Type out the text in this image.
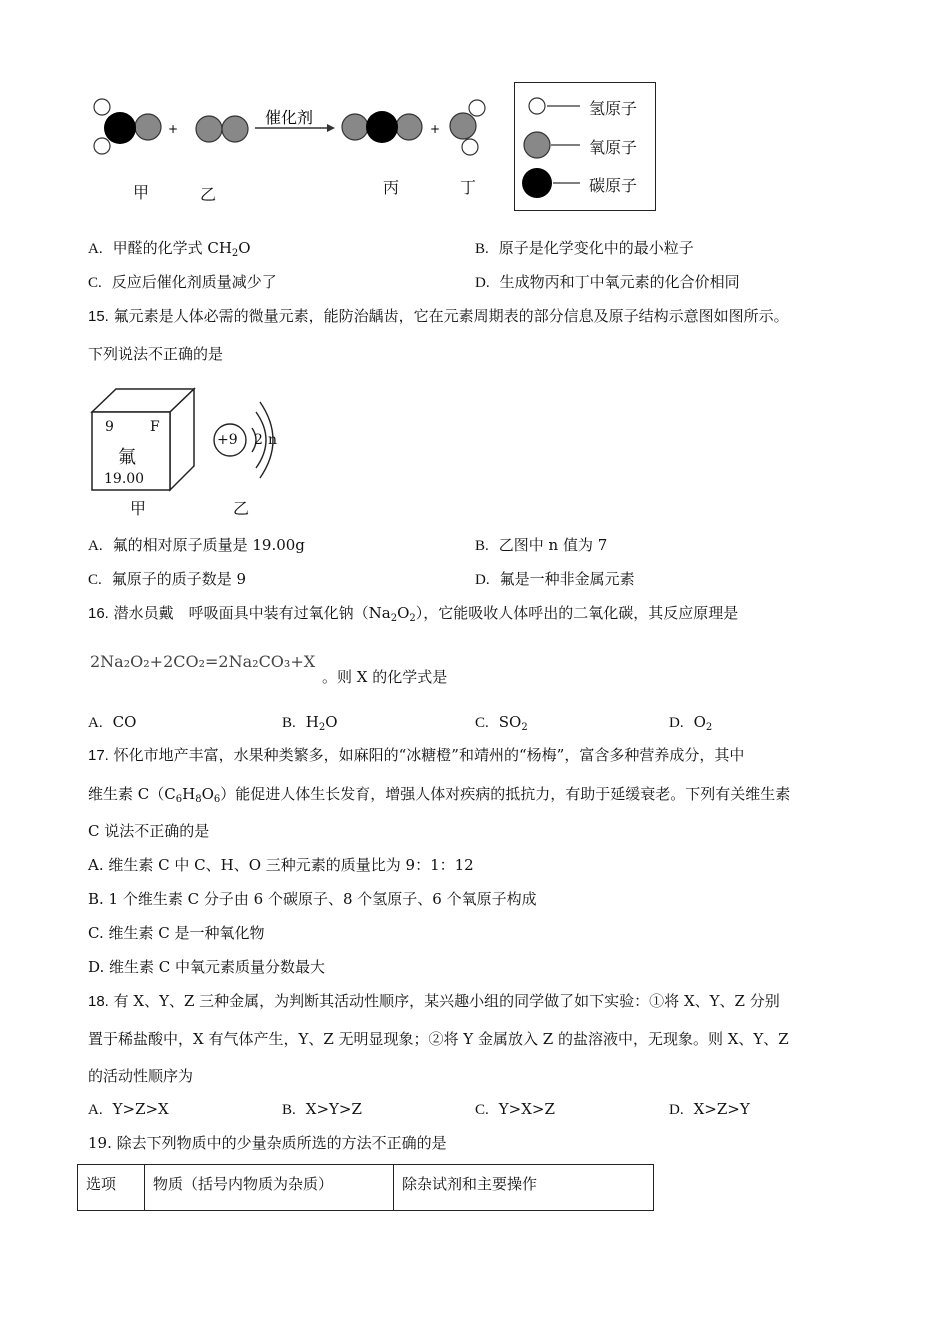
+
催化剂
+
甲	乙	丙	丁
氢原子
氧原子
碳原子
A. 甲醛的化学式 $CH_2O$	B. 原子是化学变化中的最小粒子
C. 反应后催化剂质量减少了	D. 生成物丙和丁中氧元素的化合价相同
15. 氟元素是人体必需的微量元素，能防治龋齿，它在元素周期表的部分信息及原子结构示意图如图所示。
下列说法不正确的是
9	F
氟
19.00
+9 2 n
甲	乙
A. 氟的相对原子质量是 19.00g	B. 乙图中 n 值为 7
C. 氟原子的质子数是 9	D. 氟是一种非金属元素
16. 潜水员戴　呼吸面具中装有过氧化钠$(Na_2O_2)$，它能吸收人体呼出的二氧化碳，其反应原理是
2Na₂O₂+2CO₂=2Na₂CO₃+X
。则 X 的化学式是
A. CO	B. $H_2O$	C. $SO_2$	D. $O_2$
17. 怀化市地产丰富，水果种类繁多，如麻阳的“冰糖橙”和靖州的“杨梅”，富含多种营养成分，其中
维生素 $C(C_6H_8O_6)$能促进人体生长发育，增强人体对疾病的抵抗力，有助于延缓衰老。下列有关维生素
C 说法不正确的是
A. 维生素 C 中 C、H、O 三种元素的质量比为 9：1：12
B. 1 个维生素 C 分子由 6 个碳原子、8 个氢原子、6 个氧原子构成
C. 维生素 C 是一种氧化物
D. 维生素 C 中氧元素质量分数最大
18. 有 X、Y、Z 三种金属，为判断其活动性顺序，某兴趣小组的同学做了如下实验：①将 X、Y、Z 分别
置于稀盐酸中，X 有气体产生，Y、Z 无明显现象；②将 Y 金属放入 Z 的盐溶液中，无现象。则 X、Y、Z
的活动性顺序为
A. Y>Z>X	B. X>Y>Z	C. Y>X>Z	D. X>Z>Y
19. 除去下列物质中的少量杂质所选的方法不正确的是
选项	物质（括号内物质为杂质）	除杂试剂和主要操作
